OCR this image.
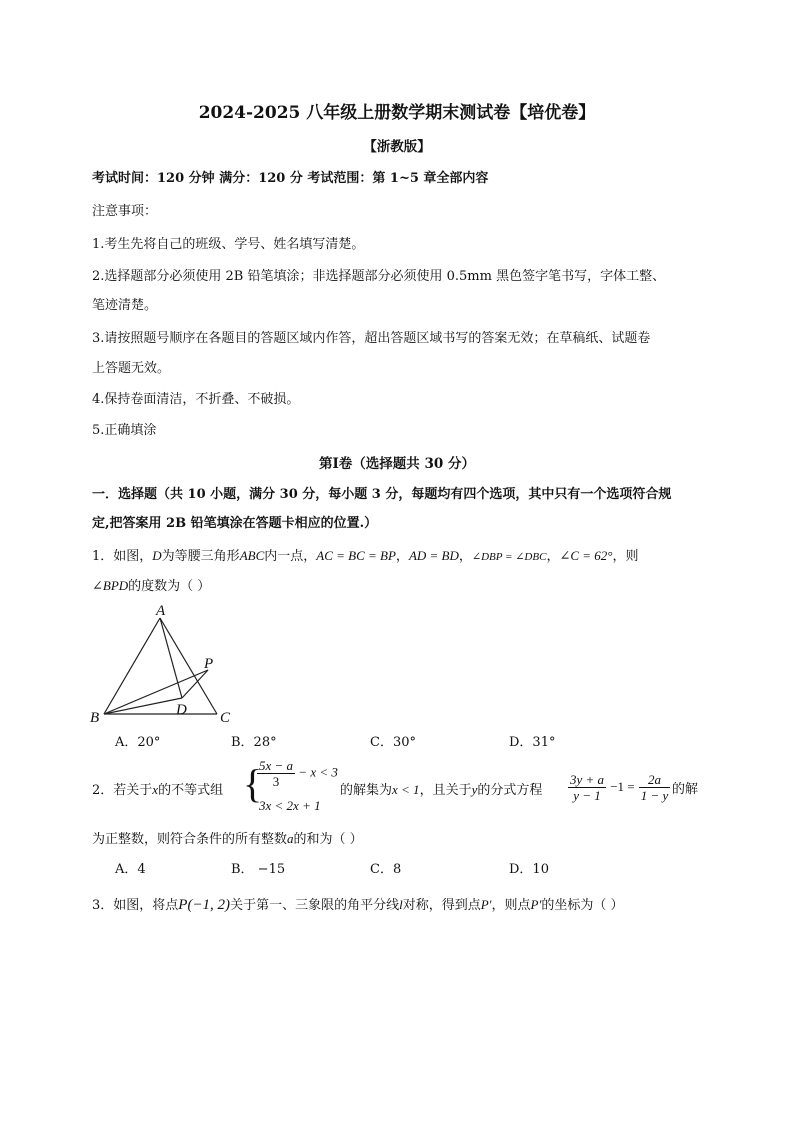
2024-2025 八年级上册数学期末测试卷【培优卷】
【浙教版】
考试时间：120 分钟 满分：120 分 考试范围：第 1~5 章全部内容
注意事项：
1.考生先将自己的班级、学号、姓名填写清楚。
2.选择题部分必须使用 2B 铅笔填涂；非选择题部分必须使用 0.5mm 黑色签字笔书写，字体工整、
笔迹清楚。
3.请按照题号顺序在各题目的答题区域内作答，超出答题区域书写的答案无效；在草稿纸、试题卷
上答题无效。
4.保持卷面清洁，不折叠、不破损。
5.正确填涂
第Ⅰ卷（选择题共 30 分）
一．选择题（共 10 小题，满分 30 分，每小题 3 分，每题均有四个选项，其中只有一个选项符合规
定,把答案用 2B 铅笔填涂在答题卡相应的位置.）
1．如图，D为等腰三角形ABC内一点，AC = BC = BP，AD = BD，∠DBP = ∠DBC，∠C = 62°，则
∠BPD的度数为（ ）
A
B	C
D
P
A．20°	B．28°	C．30°	D．31°
2．若关于x的不等式组 {
$\frac{5x - a}{3} - x < 3$
3x < 2x + 1
的解集为x < 1，且关于y的分式方程 $\frac{3y + a}{y - 1} -1 = \frac{2a}{1 - y}$ 的解
为正整数，则符合条件的所有整数a的和为（ ）
A．4	B． −15	C．8	D．10
3．如图，将点P(−1, 2)关于第一、三象限的角平分线l对称，得到点P′，则点P′的坐标为（ ）
